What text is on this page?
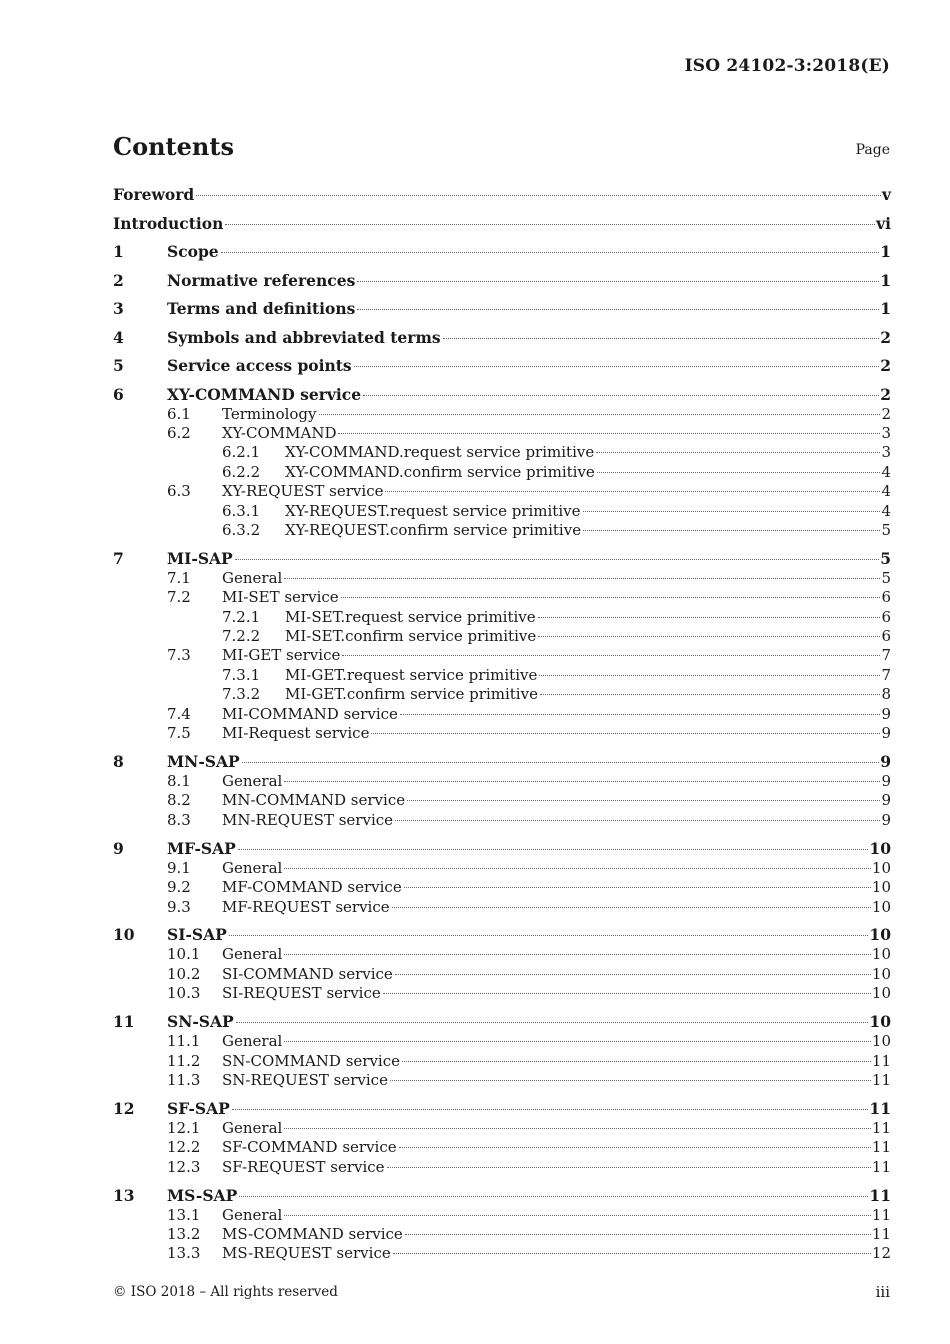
ISO 24102-3:2018(E)
Contents	Page
Foreword	v
Introduction	vi
1	Scope	1
2	Normative references	1
3	Terms and definitions	1
4	Symbols and abbreviated terms	2
5	Service access points	2
6	XY-COMMAND service	2
6.1	Terminology	2
6.2	XY-COMMAND	3
6.2.1	XY-COMMAND.request service primitive	3
6.2.2	XY-COMMAND.confirm service primitive	4
6.3	XY-REQUEST service	4
6.3.1	XY-REQUEST.request service primitive	4
6.3.2	XY-REQUEST.confirm service primitive	5
7	MI-SAP	5
7.1	General	5
7.2	MI-SET service	6
7.2.1	MI-SET.request service primitive	6
7.2.2	MI-SET.confirm service primitive	6
7.3	MI-GET service	7
7.3.1	MI-GET.request service primitive	7
7.3.2	MI-GET.confirm service primitive	8
7.4	MI-COMMAND service	9
7.5	MI-Request service	9
8	MN-SAP	9
8.1	General	9
8.2	MN-COMMAND service	9
8.3	MN-REQUEST service	9
9	MF-SAP	10
9.1	General	10
9.2	MF-COMMAND service	10
9.3	MF-REQUEST service	10
10	SI-SAP	10
10.1	General	10
10.2	SI-COMMAND service	10
10.3	SI-REQUEST service	10
11	SN-SAP	10
11.1	General	10
11.2	SN-COMMAND service	11
11.3	SN-REQUEST service	11
12	SF-SAP	11
12.1	General	11
12.2	SF-COMMAND service	11
12.3	SF-REQUEST service	11
13	MS-SAP	11
13.1	General	11
13.2	MS-COMMAND service	11
13.3	MS-REQUEST service	12
© ISO 2018 – All rights reserved	iii
